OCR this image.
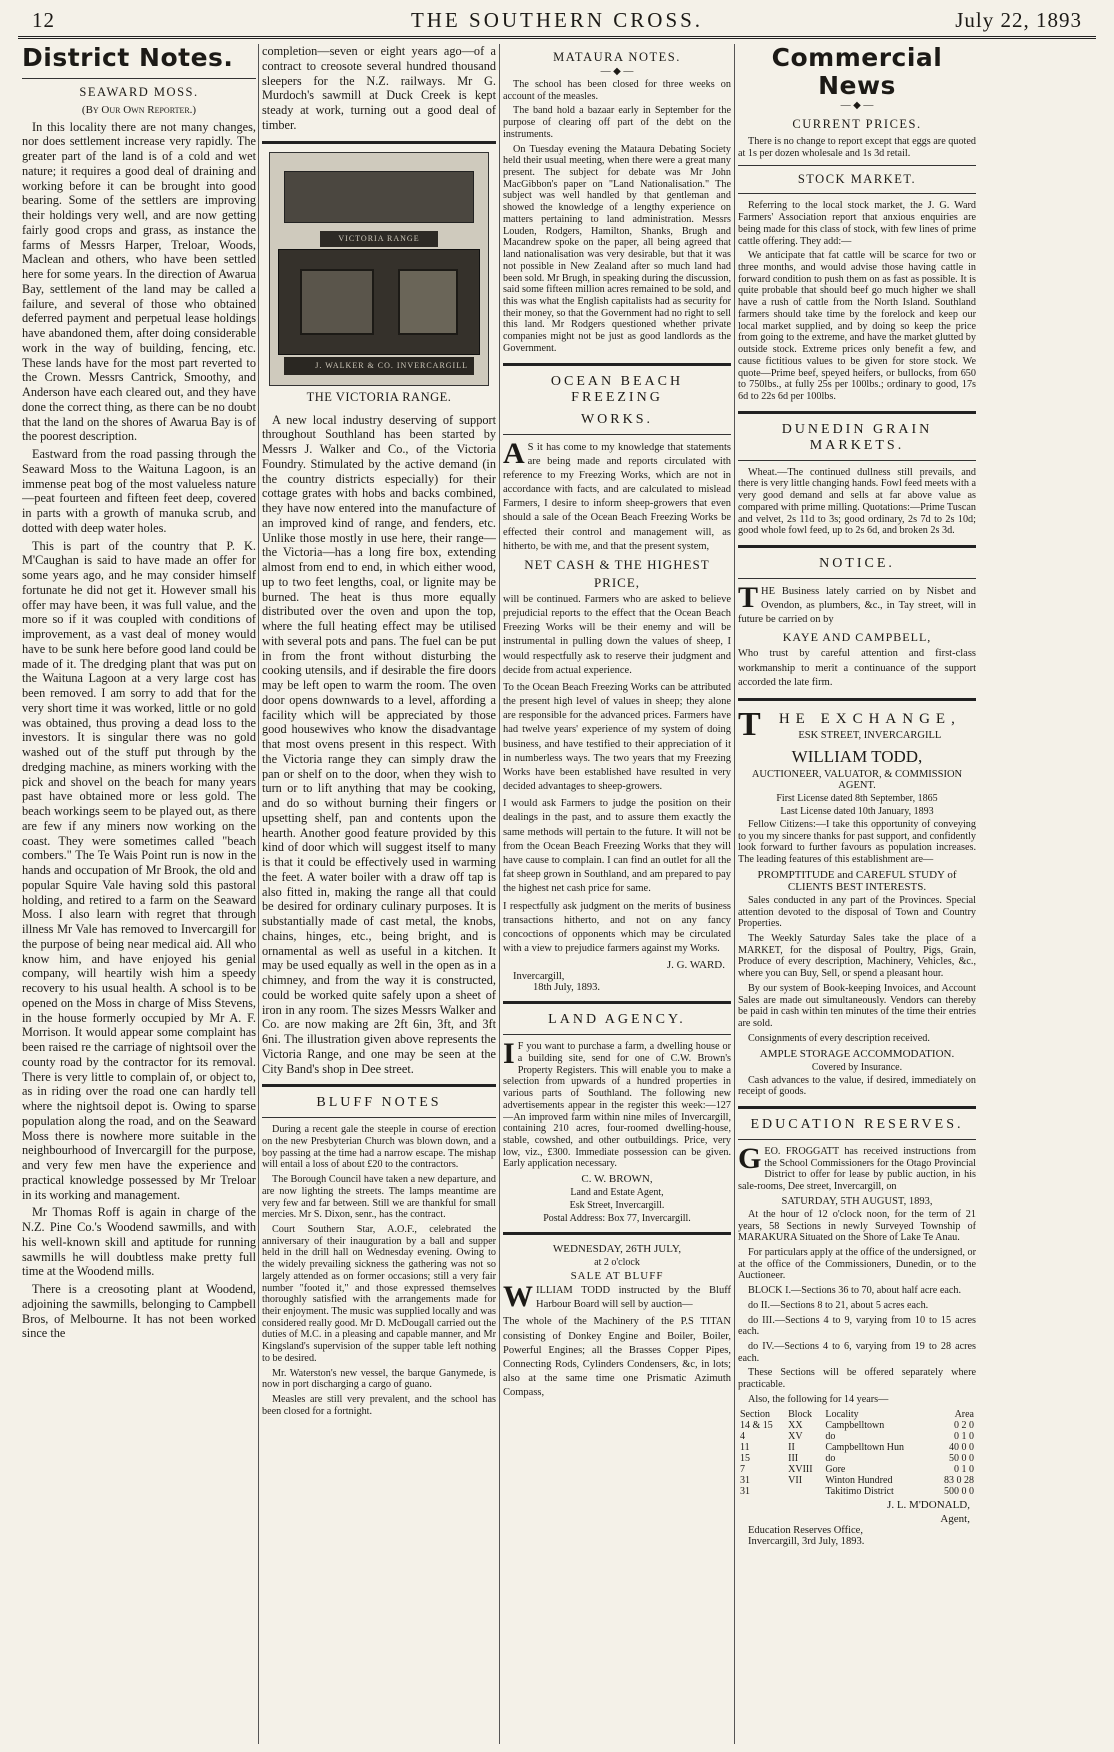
12	THE SOUTHERN CROSS.	July 22, 1893
District Notes.
SEAWARD MOSS.
(By Our Own Reporter.)

In this locality there are not many changes, nor does settlement increase very rapidly. The greater part of the land is of a cold and wet nature; it requires a good deal of draining and working before it can be brought into good bearing. Some of the settlers are improving their holdings very well, and are now getting fairly good crops and grass, as instance the farms of Messrs Harper, Treloar, Woods, Maclean and others, who have been settled here for some years. In the direction of Awarua Bay, settlement of the land may be called a failure, and several of those who obtained deferred payment and perpetual lease holdings have abandoned them, after doing considerable work in the way of building, fencing, etc. These lands have for the most part reverted to the Crown. Messrs Cantrick, Smoothy, and Anderson have each cleared out, and they have done the correct thing, as there can be no doubt that the land on the shores of Awarua Bay is of the poorest description.

Eastward from the road passing through the Seaward Moss to the Waituna Lagoon, is an immense peat bog of the most valueless nature—peat fourteen and fifteen feet deep, covered in parts with a growth of manuka scrub, and dotted with deep water holes.

This is part of the country that P. K. M'Caughan is said to have made an offer for some years ago, and he may consider himself fortunate he did not get it. However small his offer may have been, it was full value, and the more so if it was coupled with conditions of improvement, as a vast deal of money would have to be sunk here before good land could be made of it. The dredging plant that was put on the Waituna Lagoon at a very large cost has been removed. I am sorry to add that for the very short time it was worked, little or no gold was obtained, thus proving a dead loss to the investors. It is singular there was no gold washed out of the stuff put through by the dredging machine, as miners working with the pick and shovel on the beach for many years past have obtained more or less gold. The beach workings seem to be played out, as there are few if any miners now working on the coast. They were sometimes called "beach combers." The Te Wais Point run is now in the hands and occupation of Mr Brook, the old and popular Squire Vale having sold this pastoral holding, and retired to a farm on the Seaward Moss. I also learn with regret that through illness Mr Vale has removed to Invercargill for the purpose of being near medical aid. All who know him, and have enjoyed his genial company, will heartily wish him a speedy recovery to his usual health. A school is to be opened on the Moss in charge of Miss Stevens, in the house formerly occupied by Mr A. F. Morrison. It would appear some complaint has been raised re the carriage of nightsoil over the county road by the contractor for its removal. There is very little to complain of, or object to, as in riding over the road one can hardly tell where the nightsoil depot is. Owing to sparse population along the road, and on the Seaward Moss there is nowhere more suitable in the neighbourhood of Invercargill for the purpose, and very few men have the experience and practical knowledge possessed by Mr Treloar in its working and management.

Mr Thomas Roff is again in charge of the N.Z. Pine Co.'s Woodend sawmills, and with his well-known skill and aptitude for running sawmills he will doubtless make pretty full time at the Woodend mills.

There is a creosoting plant at Woodend, adjoining the sawmills, belonging to Campbell Bros, of Melbourne. It has not been worked since the

completion—seven or eight years ago—of a contract to creosote several hundred thousand sleepers for the N.Z. railways. Mr G. Murdoch's sawmill at Duck Creek is kept steady at work, turning out a good deal of timber.

VICTORIA RANGE
J. WALKER & CO. INVERCARGILL
THE VICTORIA RANGE.

A new local industry deserving of support throughout Southland has been started by Messrs J. Walker and Co., of the Victoria Foundry. Stimulated by the active demand (in the country districts especially) for their cottage grates with hobs and backs combined, they have now entered into the manufacture of an improved kind of range, and fenders, etc. Unlike those mostly in use here, their range—the Victoria—has a long fire box, extending almost from end to end, in which either wood, up to two feet lengths, coal, or lignite may be burned. The heat is thus more equally distributed over the oven and upon the top, where the full heating effect may be utilised with several pots and pans. The fuel can be put in from the front without disturbing the cooking utensils, and if desirable the fire doors may be left open to warm the room. The oven door opens downwards to a level, affording a facility which will be appreciated by those good housewives who know the disadvantage that most ovens present in this respect. With the Victoria range they can simply draw the pan or shelf on to the door, when they wish to turn or to lift anything that may be cooking, and do so without burning their fingers or upsetting shelf, pan and contents upon the hearth. Another good feature provided by this kind of door which will suggest itself to many is that it could be effectively used in warming the feet. A water boiler with a draw off tap is also fitted in, making the range all that could be desired for ordinary culinary purposes. It is substantially made of cast metal, the knobs, chains, hinges, etc., being bright, and is ornamental as well as useful in a kitchen. It may be used equally as well in the open as in a chimney, and from the way it is constructed, could be worked quite safely upon a sheet of iron in any room. The sizes Messrs Walker and Co. are now making are 2ft 6in, 3ft, and 3ft 6ni. The illustration given above represents the Victoria Range, and one may be seen at the City Band's shop in Dee street.

BLUFF NOTES

During a recent gale the steeple in course of erection on the new Presbyterian Church was blown down, and a boy passing at the time had a narrow escape. The mishap will entail a loss of about £20 to the contractors.

The Borough Council have taken a new departure, and are now lighting the streets. The lamps meantime are very few and far between. Still we are thankful for small mercies. Mr S. Dixon, senr., has the contract.

Court Southern Star, A.O.F., celebrated the anniversary of their inauguration by a ball and supper held in the drill hall on Wednesday evening. Owing to the widely prevailing sickness the gathering was not so largely attended as on former occasions; still a very fair number "footed it," and those expressed themselves thoroughly satisfied with the arrangements made for their enjoyment. The music was supplied locally and was considered really good. Mr D. McDougall carried out the duties of M.C. in a pleasing and capable manner, and Mr Kingsland's supervision of the supper table left nothing to be desired.

Mr. Waterston's new vessel, the barque Ganymede, is now in port discharging a cargo of guano.

Measles are still very prevalent, and the school has been closed for a fortnight.

MATAURA NOTES.
— ◆ —

The school has been closed for three weeks on account of the measles.

The band hold a bazaar early in September for the purpose of clearing off part of the debt on the instruments.

On Tuesday evening the Mataura Debating Society held their usual meeting, when there were a great many present. The subject for debate was Mr John MacGibbon's paper on "Land Nationalisation." The subject was well handled by that gentleman and showed the knowledge of a lengthy experience on matters pertaining to land administration. Messrs Louden, Rodgers, Hamilton, Shanks, Brugh and Macandrew spoke on the paper, all being agreed that land nationalisation was very desirable, but that it was not possible in New Zealand after so much land had been sold. Mr Brugh, in speaking during the discussion, said some fifteen million acres remained to be sold, and this was what the English capitalists had as security for their money, so that the Government had no right to sell this land. Mr Rodgers questioned whether private companies might not be just as good landlords as the Government.

OCEAN BEACH FREEZING
WORKS.

A S it has come to my knowledge that statements are being made and reports circulated with reference to my Freezing Works, which are not in accordance with facts, and are calculated to mislead Farmers, I desire to inform sheep-growers that even should a sale of the Ocean Beach Freezing Works be effected their control and management will, as hitherto, be with me, and that the present system,

NET CASH & THE HIGHEST
PRICE,

will be continued. Farmers who are asked to believe prejudicial reports to the effect that the Ocean Beach Freezing Works will be their enemy and will be instrumental in pulling down the values of sheep, I would respectfully ask to reserve their judgment and decide from actual experience.

To the Ocean Beach Freezing Works can be attributed the present high level of values in sheep; they alone are responsible for the advanced prices. Farmers have had twelve years' experience of my system of doing business, and have testified to their appreciation of it in numberless ways. The two years that my Freezing Works have been established have resulted in very decided advantages to sheep-growers.

I would ask Farmers to judge the position on their dealings in the past, and to assure them exactly the same methods will pertain to the future. It will not be from the Ocean Beach Freezing Works that they will have cause to complain. I can find an outlet for all the fat sheep grown in Southland, and am prepared to pay the highest net cash price for same.

I respectfully ask judgment on the merits of business transactions hitherto, and not on any fancy concoctions of opponents which may be circulated with a view to prejudice farmers against my Works.

J. G. WARD.
Invercargill,
18th July, 1893.
LAND AGENCY.

I F you want to purchase a farm, a dwelling house or a building site, send for one of C.W. Brown's Property Registers. This will enable you to make a selection from upwards of a hundred properties in various parts of Southland. The following new advertisements appear in the register this week:—127—An improved farm within nine miles of Invercargill, containing 210 acres, four-roomed dwelling-house, stable, cowshed, and other outbuildings. Price, very low, viz., £300. Immediate possession can be given. Early application necessary.

C. W. BROWN,
Land and Estate Agent,
Esk Street, Invercargill.
Postal Address: Box 77, Invercargill.
WEDNESDAY, 26TH JULY,
at 2 o'clock
SALE AT BLUFF

WILLIAM TODD instructed by the Bluff Harbour Board will sell by auction—

The whole of the Machinery of the P.S TITAN consisting of Donkey Engine and Boiler, Boiler, Powerful Engines; all the Brasses Copper Pipes, Connecting Rods, Cylinders Condensers, &c, in lots; also at the same time one Prismatic Azimuth Compass,

Commercial News
— ◆ —
CURRENT PRICES.

There is no change to report except that eggs are quoted at 1s per dozen wholesale and 1s 3d retail.

STOCK MARKET.

Referring to the local stock market, the J. G. Ward Farmers' Association report that anxious enquiries are being made for this class of stock, with few lines of prime cattle offering. They add:—

We anticipate that fat cattle will be scarce for two or three months, and would advise those having cattle in forward condition to push them on as fast as possible. It is quite probable that should beef go much higher we shall have a rush of cattle from the North Island. Southland farmers should take time by the forelock and keep our local market supplied, and by doing so keep the price from going to the extreme, and have the market glutted by outside stock. Extreme prices only benefit a few, and cause fictitious values to be given for store stock. We quote—Prime beef, speyed heifers, or bullocks, from 650 to 750lbs., at fully 25s per 100lbs.; ordinary to good, 17s 6d to 22s 6d per 100lbs.

DUNEDIN GRAIN MARKETS.

Wheat.—The continued dullness still prevails, and there is very little changing hands. Fowl feed meets with a very good demand and sells at far above value as compared with prime milling. Quotations:—Prime Tuscan and velvet, 2s 11d to 3s; good ordinary, 2s 7d to 2s 10d; good whole fowl feed, up to 2s 6d, and broken 2s 3d.

NOTICE.

THE Business lately carried on by Nisbet and Ovendon, as plumbers, &c., in Tay street, will in future be carried on by

KAYE AND CAMPBELL,

Who trust by careful attention and first-class workmanship to merit a continuance of the support accorded the late firm.

T	HE EXCHANGE,
ESK STREET, INVERCARGILL
WILLIAM TODD,
AUCTIONEER, VALUATOR, & COMMISSION AGENT.
First License dated 8th September, 1865
Last License dated 10th January, 1893

Fellow Citizens:—I take this opportunity of conveying to you my sincere thanks for past support, and confidently look forward to further favours as population increases. The leading features of this establishment are—

PROMPTITUDE and CAREFUL STUDY of CLIENTS BEST INTERESTS.

Sales conducted in any part of the Provinces. Special attention devoted to the disposal of Town and Country Properties.

The Weekly Saturday Sales take the place of a MARKET, for the disposal of Poultry, Pigs, Grain, Produce of every description, Machinery, Vehicles, &c., where you can Buy, Sell, or spend a pleasant hour.

By our system of Book-keeping Invoices, and Account Sales are made out simultaneously. Vendors can thereby be paid in cash within ten minutes of the time their entries are sold.

Consignments of every description received.

AMPLE STORAGE ACCOMMODATION.
Covered by Insurance.

Cash advances to the value, if desired, immediately on receipt of goods.

EDUCATION RESERVES.

GEO. FROGGATT has received instructions from the School Commissioners for the Otago Provincial District to offer for lease by public auction, in his sale-rooms, Dee street, Invercargill, on

SATURDAY, 5TH AUGUST, 1893,

At the hour of 12 o'clock noon, for the term of 21 years, 58 Sections in newly Surveyed Township of MARAKURA Situated on the Shore of Lake Te Anau.

For particulars apply at the office of the undersigned, or at the office of the Commissioners, Dunedin, or to the Auctioneer.

BLOCK I.—Sections 36 to 70, about half acre each.

do II.—Sections 8 to 21, about 5 acres each.

do III.—Sections 4 to 9, varying from 10 to 15 acres each.

do IV.—Sections 4 to 6, varying from 19 to 28 acres each.

These Sections will be offered separately where practicable.

Also, the following for 14 years—

Section	Block	Locality	Area
14 & 15	XX	Campbelltown	0 2 0
4	XV	do	0 1 0
11	II	Campbelltown Hun	40 0 0
15	III	do	50 0 0
7	XVIII	Gore	0 1 0
31	VII	Winton Hundred	83 0 28
31		Takitimo District	500 0 0
J. L. M'DONALD,
Agent,
Education Reserves Office,
Invercargill, 3rd July, 1893.
